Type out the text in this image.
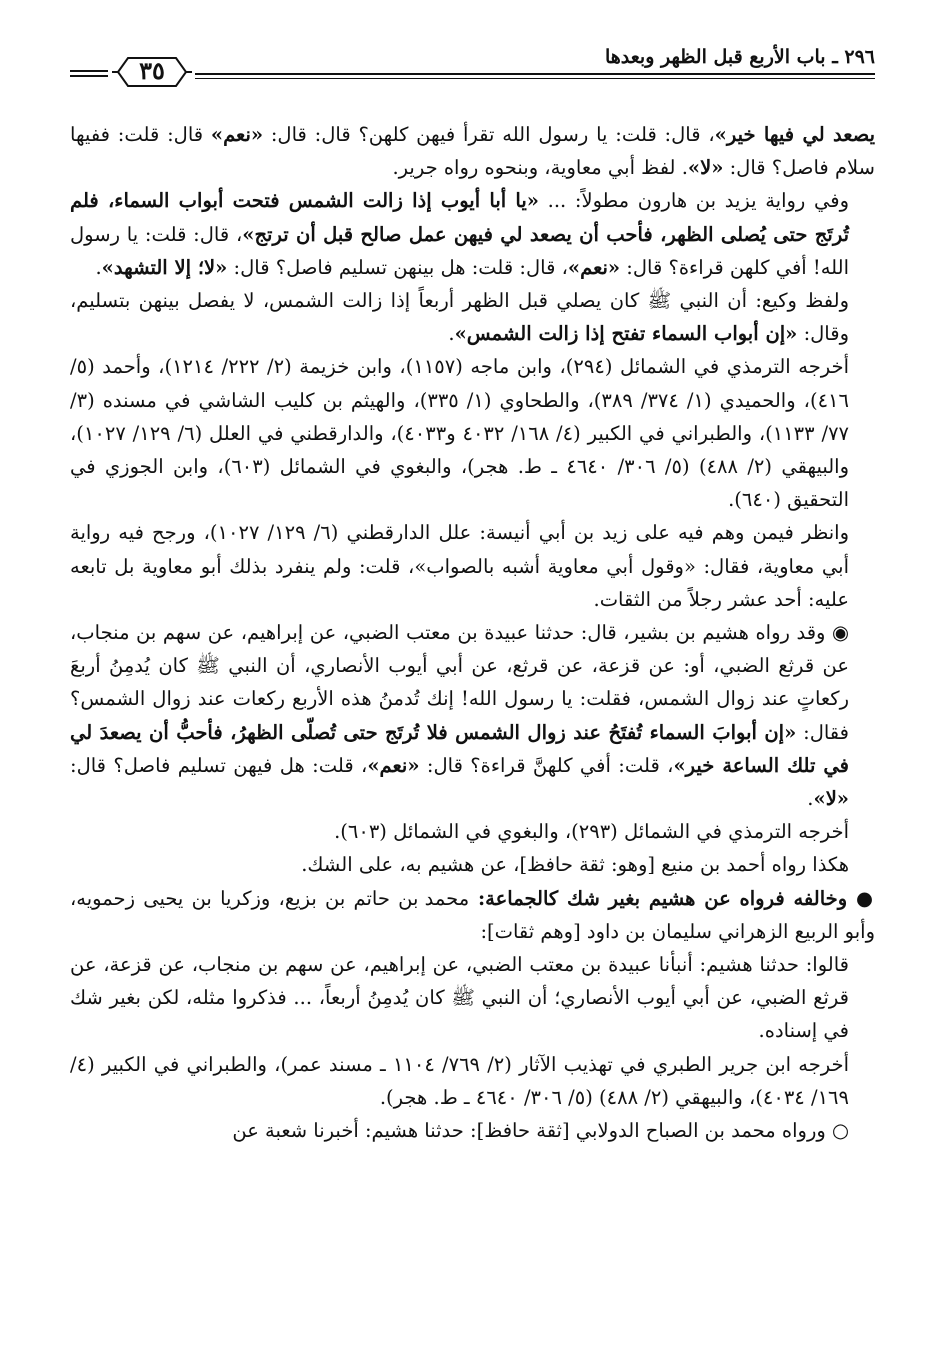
٢٩٦ ـ باب الأربع قبل الظهر وبعدها
٣٥

يصعد لي فيها خير»، قال: قلت: يا رسول الله تقرأ فيهن كلهن؟ قال: قال: «نعم» قال: قلت: ففيها سلام فاصل؟ قال: «لا». لفظ أبي معاوية، وبنحوه رواه جرير.

وفي رواية يزيد بن هارون مطولاً: ... «يا أبا أيوب إذا زالت الشمس فتحت أبواب السماء، فلم تُرتَج حتى يُصلى الظهر، فأحب أن يصعد لي فيهن عمل صالح قبل أن ترتج»، قال: قلت: يا رسول الله! أفي كلهن قراءة؟ قال: «نعم»، قال: قلت: هل بينهن تسليم فاصل؟ قال: «لا؛ إلا التشهد».

ولفظ وكيع: أن النبي ﷺ كان يصلي قبل الظهر أربعاً إذا زالت الشمس، لا يفصل بينهن بتسليم، وقال: «إن أبواب السماء تفتح إذا زالت الشمس».

أخرجه الترمذي في الشمائل (٢٩٤)، وابن ماجه (١١٥٧)، وابن خزيمة (٢/ ٢٢٢/ ١٢١٤)، وأحمد (٥/ ٤١٦)، والحميدي (١/ ٣٧٤/ ٣٨٩)، والطحاوي (١/ ٣٣٥)، والهيثم بن كليب الشاشي في مسنده (٣/ ٧٧/ ١١٣٣)، والطبراني في الكبير (٤/ ١٦٨/ ٤٠٣٢ و٤٠٣٣)، والدارقطني في العلل (٦/ ١٢٩/ ١٠٢٧)، والبيهقي (٢/ ٤٨٨) (٥/ ٣٠٦/ ٤٦٤٠ ـ ط. هجر)، والبغوي في الشمائل (٦٠٣)، وابن الجوزي في التحقيق (٦٤٠).

وانظر فيمن وهم فيه على زيد بن أبي أنيسة: علل الدارقطني (٦/ ١٢٩/ ١٠٢٧)، ورجح فيه رواية أبي معاوية، فقال: «وقول أبي معاوية أشبه بالصواب»، قلت: ولم ينفرد بذلك أبو معاوية بل تابعه عليه: أحد عشر رجلاً من الثقات.

◉ وقد رواه هشيم بن بشير، قال: حدثنا عبيدة بن معتب الضبي، عن إبراهيم، عن سهم بن منجاب، عن قرثع الضبي، أو: عن قزعة، عن قرثع، عن أبي أيوب الأنصاري، أن النبي ﷺ كان يُدمِنُ أربعَ ركعاتٍ عند زوال الشمس، فقلت: يا رسول الله! إنك تُدمنُ هذه الأربع ركعات عند زوال الشمس؟ فقال: «إن أبوابَ السماء تُفتَحُ عند زوال الشمس فلا تُرتَج حتى تُصلّى الظهرُ، فأحبُّ أن يصعدَ لي في تلك الساعة خير»، قلت: أفي كلهنَّ قراءة؟ قال: «نعم»، قلت: هل فيهن تسليم فاصل؟ قال: «لا».

أخرجه الترمذي في الشمائل (٢٩٣)، والبغوي في الشمائل (٦٠٣).

هكذا رواه أحمد بن منيع [وهو: ثقة حافظ]، عن هشيم به، على الشك.

● وخالفه فرواه عن هشيم بغير شك كالجماعة: محمد بن حاتم بن بزيع، وزكريا بن يحيى زحمويه، وأبو الربيع الزهراني سليمان بن داود [وهم ثقات]:

قالوا: حدثنا هشيم: أنبأنا عبيدة بن معتب الضبي، عن إبراهيم، عن سهم بن منجاب، عن قزعة، عن قرثع الضبي، عن أبي أيوب الأنصاري؛ أن النبي ﷺ كان يُدمِنُ أربعاً، ... فذكروا مثله، لكن بغير شك في إسناده.

أخرجه ابن جرير الطبري في تهذيب الآثار (٢/ ٧٦٩/ ١١٠٤ ـ مسند عمر)، والطبراني في الكبير (٤/ ١٦٩/ ٤٠٣٤)، والبيهقي (٢/ ٤٨٨) (٥/ ٣٠٦/ ٤٦٤٠ ـ ط. هجر).

○ ورواه محمد بن الصباح الدولابي [ثقة حافظ]: حدثنا هشيم: أخبرنا شعبة عن
